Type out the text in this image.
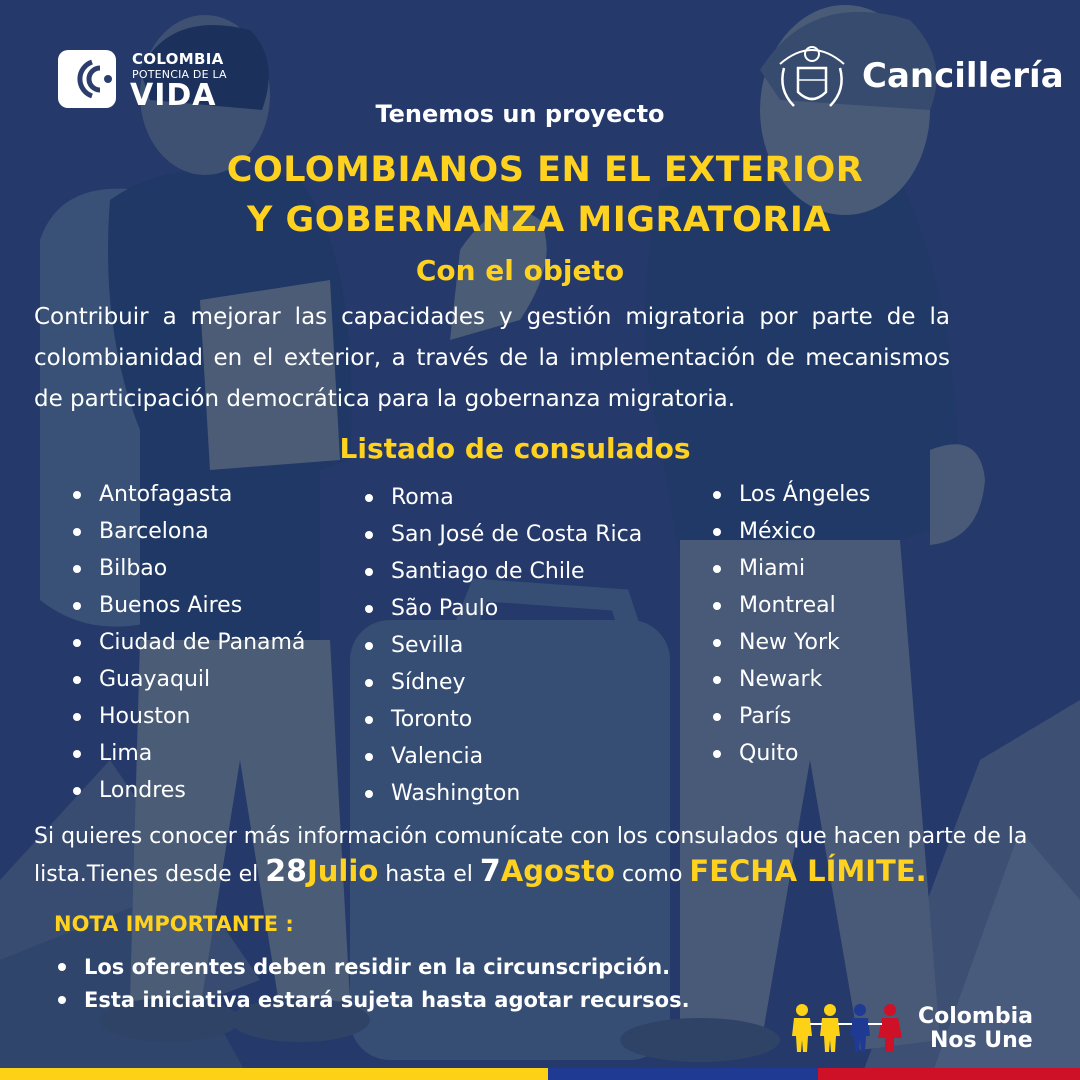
COLOMBIA
POTENCIA DE LA
VIDA	Cancillería
Tenemos un proyecto
COLOMBIANOS EN EL EXTERIOR
Y GOBERNANZA MIGRATORIA
Con el objeto
Contribuir a mejorar las capacidades y gestión migratoria por parte de la colombianidad en el exterior, a través de la implementación de mecanismos de participación democrática para la gobernanza migratoria.
Listado de consulados
Antofagasta
Barcelona
Bilbao
Buenos Aires
Ciudad de Panamá
Guayaquil
Houston
Lima
Londres
Roma
San José de Costa Rica
Santiago de Chile
São Paulo
Sevilla
Sídney
Toronto
Valencia
Washington
Los Ángeles
México
Miami
Montreal
New York
Newark
París
Quito
Si quieres conocer más información comunícate con los consulados que hacen parte de la lista.Tienes desde el 28Julio hasta el 7Agosto como FECHA LÍMITE.
NOTA IMPORTANTE :
Los oferentes deben residir en la circunscripción.
Esta iniciativa estará sujeta hasta agotar recursos.
Colombia
Nos Une
